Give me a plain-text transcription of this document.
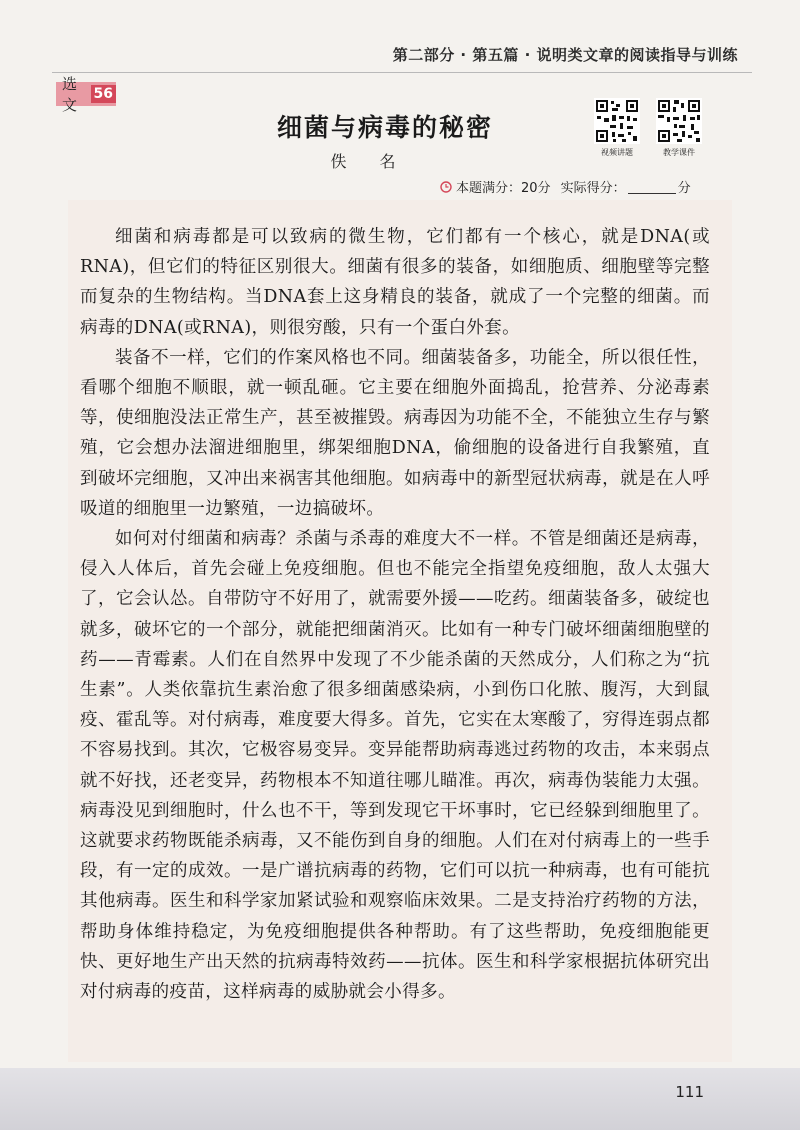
第二部分 · 第五篇 · 说明类文章的阅读指导与训练
选文
56
细菌与病毒的秘密
佚 名	视频讲题	教学课件
本题满分： 20分 实际得分：	分

细菌和病毒都是可以致病的微生物，它们都有一个核心，就是DNA(或RNA)，但它们的特征区别很大。细菌有很多的装备，如细胞质、细胞壁等完整而复杂的生物结构。当DNA套上这身精良的装备，就成了一个完整的细菌。而病毒的DNA(或RNA)，则很穷酸，只有一个蛋白外套。

装备不一样，它们的作案风格也不同。细菌装备多，功能全，所以很任性，看哪个细胞不顺眼，就一顿乱砸。它主要在细胞外面捣乱，抢营养、分泌毒素等，使细胞没法正常生产，甚至被摧毁。病毒因为功能不全，不能独立生存与繁殖，它会想办法溜进细胞里，绑架细胞DNA，偷细胞的设备进行自我繁殖，直到破坏完细胞，又冲出来祸害其他细胞。如病毒中的新型冠状病毒，就是在人呼吸道的细胞里一边繁殖，一边搞破坏。

如何对付细菌和病毒？杀菌与杀毒的难度大不一样。不管是细菌还是病毒，侵入人体后，首先会碰上免疫细胞。但也不能完全指望免疫细胞，敌人太强大了，它会认怂。自带防守不好用了，就需要外援——吃药。细菌装备多，破绽也就多，破坏它的一个部分，就能把细菌消灭。比如有一种专门破坏细菌细胞壁的药——青霉素。人们在自然界中发现了不少能杀菌的天然成分，人们称之为“抗生素”。人类依靠抗生素治愈了很多细菌感染病，小到伤口化脓、腹泻，大到鼠疫、霍乱等。对付病毒，难度要大得多。首先，它实在太寒酸了，穷得连弱点都不容易找到。其次，它极容易变异。变异能帮助病毒逃过药物的攻击，本来弱点就不好找，还老变异，药物根本不知道往哪儿瞄准。再次，病毒伪装能力太强。病毒没见到细胞时，什么也不干，等到发现它干坏事时，它已经躲到细胞里了。这就要求药物既能杀病毒，又不能伤到自身的细胞。人们在对付病毒上的一些手段，有一定的成效。一是广谱抗病毒的药物，它们可以抗一种病毒，也有可能抗其他病毒。医生和科学家加紧试验和观察临床效果。二是支持治疗药物的方法，帮助身体维持稳定，为免疫细胞提供各种帮助。有了这些帮助，免疫细胞能更快、更好地生产出天然的抗病毒特效药——抗体。医生和科学家根据抗体研究出对付病毒的疫苗，这样病毒的威胁就会小得多。

111
